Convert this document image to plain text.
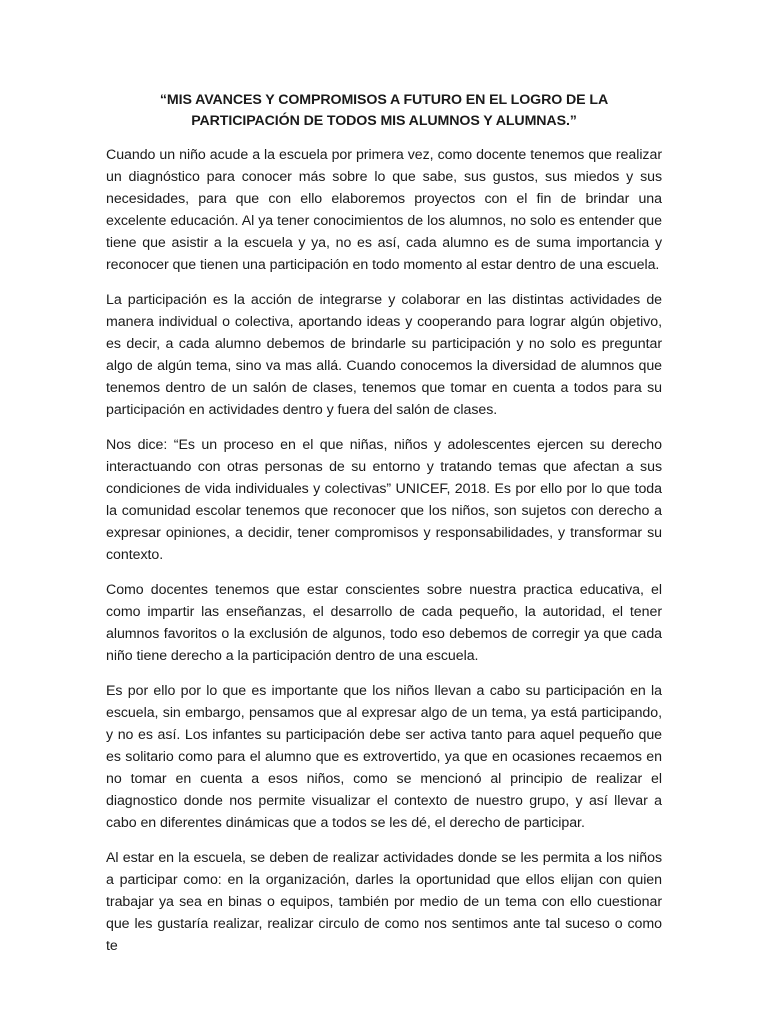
“MIS AVANCES Y COMPROMISOS A FUTURO EN EL LOGRO DE LA PARTICIPACIÓN DE TODOS MIS ALUMNOS Y ALUMNAS.”

Cuando un niño acude a la escuela por primera vez, como docente tenemos que realizar un diagnóstico para conocer más sobre lo que sabe, sus gustos, sus miedos y sus necesidades, para que con ello elaboremos proyectos con el fin de brindar una excelente educación. Al ya tener conocimientos de los alumnos, no solo es entender que tiene que asistir a la escuela y ya, no es así, cada alumno es de suma importancia y reconocer que tienen una participación en todo momento al estar dentro de una escuela.

La participación es la acción de integrarse y colaborar en las distintas actividades de manera individual o colectiva, aportando ideas y cooperando para lograr algún objetivo, es decir, a cada alumno debemos de brindarle su participación y no solo es preguntar algo de algún tema, sino va mas allá. Cuando conocemos la diversidad de alumnos que tenemos dentro de un salón de clases, tenemos que tomar en cuenta a todos para su participación en actividades dentro y fuera del salón de clases.

Nos dice: “Es un proceso en el que niñas, niños y adolescentes ejercen su derecho interactuando con otras personas de su entorno y tratando temas que afectan a sus condiciones de vida individuales y colectivas” UNICEF, 2018. Es por ello por lo que toda la comunidad escolar tenemos que reconocer que los niños, son sujetos con derecho a expresar opiniones, a decidir, tener compromisos y responsabilidades, y transformar su contexto.

Como docentes tenemos que estar conscientes sobre nuestra practica educativa, el como impartir las enseñanzas, el desarrollo de cada pequeño, la autoridad, el tener alumnos favoritos o la exclusión de algunos, todo eso debemos de corregir ya que cada niño tiene derecho a la participación dentro de una escuela.

Es por ello por lo que es importante que los niños llevan a cabo su participación en la escuela, sin embargo, pensamos que al expresar algo de un tema, ya está participando, y no es así. Los infantes su participación debe ser activa tanto para aquel pequeño que es solitario como para el alumno que es extrovertido, ya que en ocasiones recaemos en no tomar en cuenta a esos niños, como se mencionó al principio de realizar el diagnostico donde nos permite visualizar el contexto de nuestro grupo, y así llevar a cabo en diferentes dinámicas que a todos se les dé, el derecho de participar.

Al estar en la escuela, se deben de realizar actividades donde se les permita a los niños a participar como: en la organización, darles la oportunidad que ellos elijan con quien trabajar ya sea en binas o equipos, también por medio de un tema con ello cuestionar que les gustaría realizar, realizar circulo de como nos sentimos ante tal suceso o como te
